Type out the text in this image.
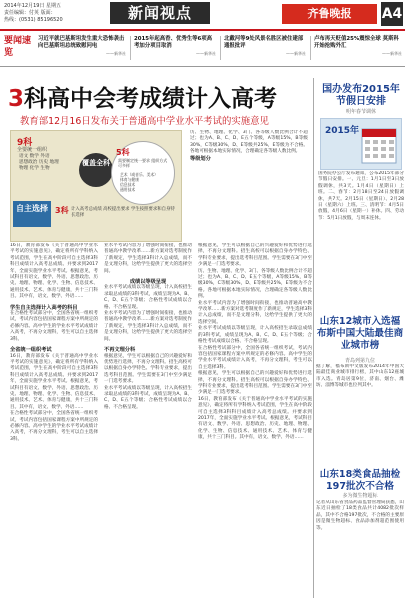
2014年12月19日 星期五
责任编辑：付英 版面：
热线：(0531) 85196520	新闻视点	齐鲁晚报	A4
要闻速览
习近平就巴基斯坦发生重大恐怖袭击向巴基斯坦总统致慰问电
——新华社
2015年起高香、优秀生等6项高考加分项目取消
——新华社
北戴河等9处风景名胜区被住建部通报批评
——新华社
卢布再天贬值25%震惊全球 莫斯科开始抢购外汇
——新华社
3科高中会考成绩计入高考
教育部12月16日发布关于普通高中学业水平考试的实施意见
9科
全要统一组织
语文 数学 外语
思想政治 历史 地理
物理 化学 生物
覆盖全科
5科
需要制定统一要求 组织方式可多样
艺术（或音乐、美术）
体育与健康
信息技术
通用技术
自主选择 3科 计入高考总成绩 高校提出要求 学生按照要求和自身特长选择
历、生物、地理、化学、3门、各等级人数比例合计不超过；也为A、B、C、D、E五个等级，A等级15%，B等级30%，C等级30%，D、E等级共25%，E等级为不合格。各地可根据本地实际情况，合理确定各等级人数比例。
等级划分
16日，教育部发布《关于普通高中学业水平考试的实施意见》，确定将所有学科纳入考试范围，学生在高中阶段可自主选择3科科目成绩计入高考总成绩。并要求到2017年，全面实施学业水平考试。根据意见，考试科目有语文、数学、外语、思想政治、历史、地理、物理、化学、生物、信息技术、通用技术、艺术、体育与健康，共十三门科目。其中有，语文、数学、外语……
学生自主选择计入高考的科目
在合格性考试部分中，全国各省统一组织考试，考试内容包括国家课程方案中所规定的必修内容。高中学生的学业水平考试成绩计入高考，不再分文理科，考生可以自主选择3科。
全省统一组织考试
16日，教育部发布《关于普通高中学业水平考试的实施意见》，确定将所有学科纳入考试范围，学生在高中阶段可自主选择3科科目成绩计入高考总成绩。并要求到2017年，全面实施学业水平考试。根据意见，考试科目有语文、数学、外语、思想政治、历史、地理、物理、化学、生物、信息技术、通用技术、艺术、体育与健康，共十三门科目。其中有，语文、数学、外语……
在合格性考试部分中，全国各省统一组织考试，考试内容包括国家课程方案中所规定的必修内容。高中学生的学业水平考试成绩计入高考，不再分文理科，考生可以自主选择3科。
业水平考试内容为了增强时间衔接，也推动普通高中教学改革……新方案对选考制度作了新规定，学生选择3科计入总成绩，而不是文理分科，这给学生提供了更大的选择空间。
成绩以等级呈现
业水平考试成绩以等级呈现，计入高校招生录取总成绩的3科考试，成绩呈现为A、B、C、D、E五个等级；合格性考试成绩以合格、不合格呈现。
业水平考试内容为了增强时间衔接，也推动普通高中教学改革……新方案对选考制度作了新规定，学生选择3科计入总成绩，而不是文理分科，这给学生提供了更大的选择空间。
不再文理分科
根据意见，学生可以根据自己的兴趣爱好和优势进行选择，不再分文理科。招生高校可以根据自身办学特色、学科专业要求，提出选考科目范围。学生需要在3门中至少满足一门选考要求。
业水平考试成绩以等级呈现，计入高校招生录取总成绩的3科考试，成绩呈现为A、B、C、D、E五个等级；合格性考试成绩以合格、不合格呈现。
根据意见，学生可以根据自己的兴趣爱好和优势进行选择，不再分文理科。招生高校可以根据自身办学特色、学科专业要求，提出选考科目范围。学生需要在3门中至少满足一门选考要求。
历、生物、地理、化学、3门、各等级人数比例合计不超过；也为A、B、C、D、E五个等级，A等级15%，B等级30%，C等级30%，D、E等级共25%，E等级为不合格。各地可根据本地实际情况，合理确定各等级人数比例。
业水平考试内容为了增强时间衔接，也推动普通高中教学改革……新方案对选考制度作了新规定，学生选择3科计入总成绩，而不是文理分科，这给学生提供了更大的选择空间。
业水平考试成绩以等级呈现，计入高校招生录取总成绩的3科考试，成绩呈现为A、B、C、D、E五个等级；合格性考试成绩以合格、不合格呈现。
在合格性考试部分中，全国各省统一组织考试，考试内容包括国家课程方案中所规定的必修内容。高中学生的学业水平考试成绩计入高考，不再分文理科，考生可以自主选择3科。
根据意见，学生可以根据自己的兴趣爱好和优势进行选择，不再分文理科。招生高校可以根据自身办学特色、学科专业要求，提出选考科目范围。学生需要在3门中至少满足一门选考要求。
16日，教育部发布《关于普通高中学业水平考试的实施意见》，确定将所有学科纳入考试范围，学生在高中阶段可自主选择3科科目成绩计入高考总成绩。并要求到2017年，全面实施学业水平考试。根据意见，考试科目有语文、数学、外语、思想政治、历史、地理、物理、化学、生物、信息技术、通用技术、艺术、体育与健康，共十三门科目。其中有，语文、数学、外语……
国办发布2015年节假日安排
明年春节调休
2015年
国务院办公厅发布通知，公布2015年部分节假日安排。一、元旦：1月1日至3日放假调休，共3天。1月4日（星期日）上班。二、春节：2月18日至24日放假调休，共7天。2月15日（星期日）、2月28日（星期六）上班。三、清明节：4月5日放假，4月6日（星期一）补休。四、劳动节：5月1日放假，与周末连休。
山东12城市入选福布斯中国大陆最佳商业城市榜
青岛列第九位
据了解，福布斯中文版发布2014年中国大陆最佳商业城市排行榜，其中山东12座城市入选。青岛居第9位，济南、烟台、潍坊、淄博等城市也位列其中。
山东18类食品抽检197批次不合格
多为微生物超标
记者从山东省食品药品监督管理局获悉，山东近日抽检了18类食品共计4082批次样品，其中不合格197批次，不合格的主要原因是微生物超标、食品添加剂超范围使用等。
